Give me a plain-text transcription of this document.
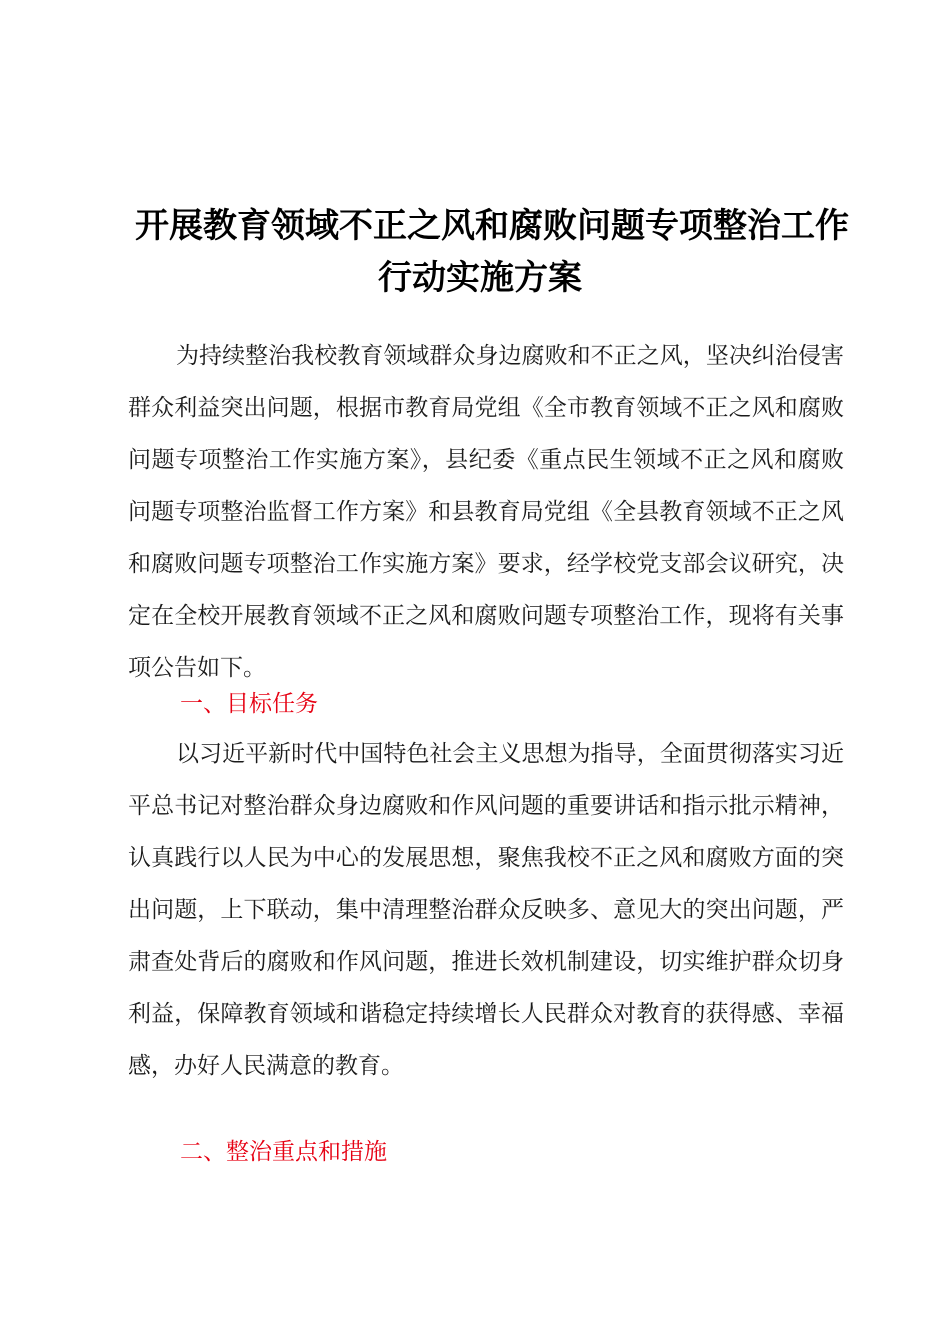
开展教育领域不正之风和腐败问题专项整治工作
行动实施方案

为持续整治我校教育领域群众身边腐败和不正之风，坚决纠治侵害群众利益突出问题，根据市教育局党组《全市教育领域不正之风和腐败问题专项整治工作实施方案》，县纪委《重点民生领域不正之风和腐败问题专项整治监督工作方案》和县教育局党组《全县教育领域不正之风和腐败问题专项整治工作实施方案》要求，经学校党支部会议研究，决定在全校开展教育领域不正之风和腐败问题专项整治工作，现将有关事项公告如下。

一、目标任务

以习近平新时代中国特色社会主义思想为指导，全面贯彻落实习近平总书记对整治群众身边腐败和作风问题的重要讲话和指示批示精神，认真践行以人民为中心的发展思想，聚焦我校不正之风和腐败方面的突出问题，上下联动，集中清理整治群众反映多、意见大的突出问题，严肃查处背后的腐败和作风问题，推进长效机制建设，切实维护群众切身利益，保障教育领域和谐稳定持续增长人民群众对教育的获得感、幸福感，办好人民满意的教育。

二、整治重点和措施
